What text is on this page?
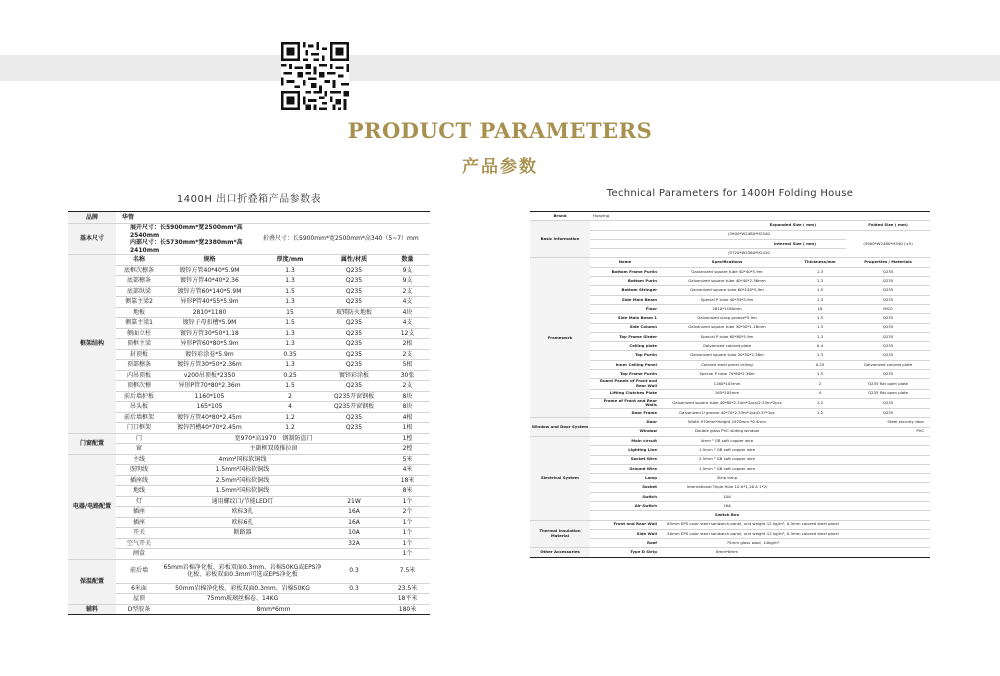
PRODUCT PARAMETERS
产品参数
1400H 出口折叠箱产品参数表
Technical Parameters for 1400H Folding House
品牌	华管				
基本尺寸	展开尺寸：长5900mm*宽2500mm*高2540mm
内部尺寸：长5730mm*宽2380mm*高2410mm		折叠尺寸：长5900mm*宽2500mm*高340（5~7）mm		
框架结构	名称	规格	厚度/mm	属性/材质	数量
	底框次檩条	镀锌方管40*40*5.9M	1.3	Q235	9支
	底部檩条	镀锌方管40*40*2.36	1.3	Q235	9支
	底部纵梁	镀锌方管60*140*5.9M	1.5	Q235	2支
	侧靠主梁2	异形P管40*55*5.9m	1.3	Q235	4支
	地板	2810*1180	15	玻镁防火地板	4块
	侧靠主梁1	镀锌子母扣槽*5.9M	1.5	Q235	4支
	侧面立柱	镀锌方管30*50*1.18	1.3	Q235	12支
	顶框主梁	异形P管60*80*5.9m	1.3	Q235	2根
	封顶板	镀锌彩涂卷*5.9m	0.35	Q235	2支
	顶部檩条	镀锌方管30*50*2.36m	1.3	Q235	5根
	内吊顶板	v200吊顶板*2350	0.25	镀锌彩涂板	30张
	顶框次檩	异形P管70*80*2.36m	1.5	Q235	2支
	前后墙护板	1160*105	2	Q235开窗钢板	8块
	吊头板	165*105	4	Q235开窗钢板	8块
	前后墙框架	镀锌方管40*80*2.45m	1.2	Q235	4根
	门口框架	镀锌凹槽40*70*2.45m	1.2	Q235	1根
门窗配置	门	宽970*高1970　钢制防盗门			1樘
	窗	主副框双玻推拉窗			2樘
电器/电路配置	主线	4mm²国标软铜线			5米
	照明线	1.5mm²国标软铜线			4米
	插座线	2.5mm²国标软铜线			18米
	地线	1.5mm²国标软铜线			8米
	灯	通用螺纹口/节能LED灯		21W	1个
	插座	欧标3孔		16A	2个
	插座	欧标6孔		16A	1个
	开关	断路器		10A	1个
	空气开关			32A	1个
	闸盒				1个
保温配置	前后墙	65mm岩棉净化板、彩板双面0.3mm、岩棉50KG或EPS净化板、彩板双面0.3mm可选或EPS净化板		0.3	7.5米
	6米面	50mm岩棉净化板、彩板双面0.3mm、岩棉50KG		0.3	23.5米
	屋顶	75mm玻璃丝棉卷、14KG			18平米
辅料	D型胶条	8mm*6mm			180米
Brand	Huaying			
Basic Information	Expanded Size ( mm)			Folded Size ( mm)
	(5900*W2480*H2540			(5900*W2480*H340 (±5)
	Internal Size ( mm)			
	(5720*W2360*H2410			
Framework	Name	Specifications	Thickness/mm	Properties / Materials
	Bottom Frame Purlin	Galvanized square tube 40*40*5.9m	1.3	Q235
	Bottom Purin	Galvanized square tube 40*40*2.36mm	1.3	Q235
	Bottom Stringer	Galvanized square tube 60*140*5.9m	1.5	Q235
	Side Main Beam	Special P tube 40*55*5.9m	1.3	Q235
	Floor	2810*1180mm	18	MGO
	Side Main Beam 1	Galvanized clasp groove*5.9m	1.5	Q235
	Side Column	Galvanized square tube 30*50*1.18mm	1.3	Q235
	Top Frame Girder	Special P tube 60*80*5.9m	1.3	Q235
	Ceiling plate	Galvanized colored plate	0.4	Q235
	Top Purlin	Galvanized square tube 30*50*2.36m	1.3	Q235
	Inner Ceiling Panel	Colored steel panel ceiling	0.25	Galvanized colored plate
	Top Frame Purlin	Special P tube 70*80*2.36m	1.5	Q235
	Guard Panels of Front and Rear Wall	1160*105mm	2	Q235 flat open plate
	Lifting Clutches Plate	165*105mm	4	Q235 flat open plate
	Frame of Front and Rear Walls	Galvanized square tube 40*80*2.34m*2pcs/2.33m*2pcs	1.2	Q235
	Door Frame	Galvanized U groove 40*70*2.33m*1pc/0.37*1pc	1.2	Q235
Window and Door System	Door	Width 970mm*Height 1970mm *0.4mm	Steel security door	
	Window	Double glass PVC sliding window	PVC	
Electrical System	Main circuit	4mm ² GB soft copper wire		
	Lighting Line	1.5mm ² GB soft copper wire		
	Socket Wire	2.5mm ² GB soft copper wire		
	Ground Wire	1.5mm ² GB soft copper wire		
	Lamp	Strip lamp		
	Socket	International Triple Hole 10 A*1,16 A 1*2/		
	Switch	10A		
	Air Switch	16A		
		Switch Box		
Thermal Insulation Material	Front and Rear Wall	65mm EPS color steel sandwich panel, unit weight 12 kg/m², 0.3mm colored steel panel		
	Side Wall	50mm EPS color steel sandwich panel, unit weight 12 kg/m², 0.3mm colored steel panel		
	Roof	75mm glass wool, 14kg/m²		
Other Accessories	Type D Strip	8mm*6mm		
